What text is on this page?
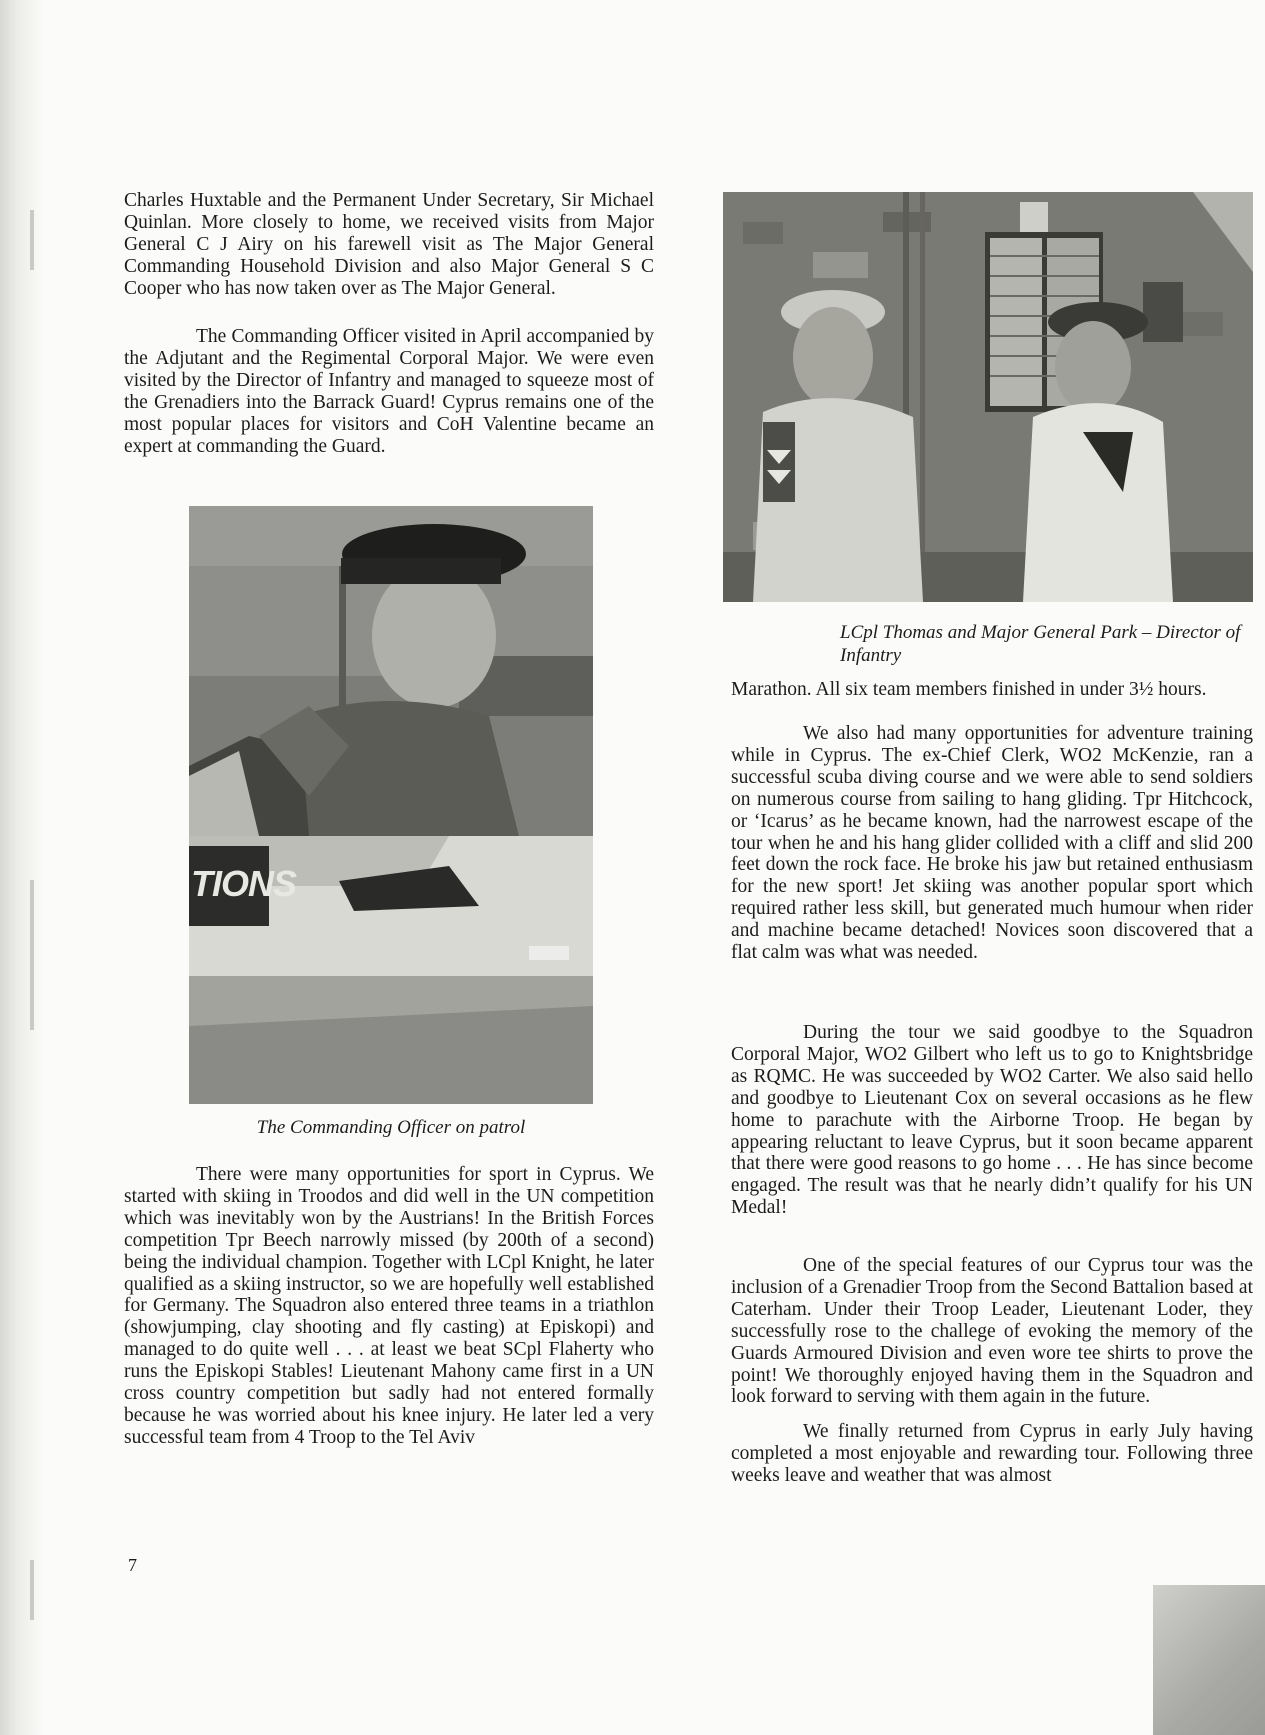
Charles Huxtable and the Permanent Under Secretary, Sir Michael Quinlan. More closely to home, we received visits from Major General C J Airy on his farewell visit as The Major General Commanding Household Division and also Major General S C Cooper who has now taken over as The Major General.

The Commanding Officer visited in April accompanied by the Adjutant and the Regimental Corporal Major. We were even visited by the Director of Infantry and managed to squeeze most of the Grenadiers into the Barrack Guard! Cyprus remains one of the most popular places for visitors and CoH Valentine became an expert at commanding the Guard.

TIONS

The Commanding Officer on patrol

There were many opportunities for sport in Cyprus. We started with skiing in Troodos and did well in the UN competition which was inevitably won by the Austrians! In the British Forces competition Tpr Beech narrowly missed (by 200th of a second) being the individual champion. Together with LCpl Knight, he later qualified as a skiing instructor, so we are hopefully well established for Germany. The Squadron also entered three teams in a triathlon (showjumping, clay shooting and fly casting) at Episkopi) and managed to do quite well . . . at least we beat SCpl Flaherty who runs the Episkopi Stables! Lieutenant Mahony came first in a UN cross country competition but sadly had not entered formally because he was worried about his knee injury. He later led a very successful team from 4 Troop to the Tel Aviv

LCpl Thomas and Major General Park – Director of Infantry

Marathon. All six team members finished in under 3½ hours.

We also had many opportunities for adventure training while in Cyprus. The ex-Chief Clerk, WO2 McKenzie, ran a successful scuba diving course and we were able to send soldiers on numerous course from sailing to hang gliding. Tpr Hitchcock, or ‘Icarus’ as he became known, had the narrowest escape of the tour when he and his hang glider collided with a cliff and slid 200 feet down the rock face. He broke his jaw but retained enthusiasm for the new sport! Jet skiing was another popular sport which required rather less skill, but generated much humour when rider and machine became detached! Novices soon discovered that a flat calm was what was needed.

During the tour we said goodbye to the Squadron Corporal Major, WO2 Gilbert who left us to go to Knightsbridge as RQMC. He was succeeded by WO2 Carter. We also said hello and goodbye to Lieutenant Cox on several occasions as he flew home to parachute with the Airborne Troop. He began by appearing reluctant to leave Cyprus, but it soon became apparent that there were good reasons to go home . . . He has since become engaged. The result was that he nearly didn’t qualify for his UN Medal!

One of the special features of our Cyprus tour was the inclusion of a Grenadier Troop from the Second Battalion based at Caterham. Under their Troop Leader, Lieutenant Loder, they successfully rose to the challege of evoking the memory of the Guards Armoured Division and even wore tee shirts to prove the point! We thoroughly enjoyed having them in the Squadron and look forward to serving with them again in the future.

We finally returned from Cyprus in early July having completed a most enjoyable and rewarding tour. Following three weeks leave and weather that was almost

7
